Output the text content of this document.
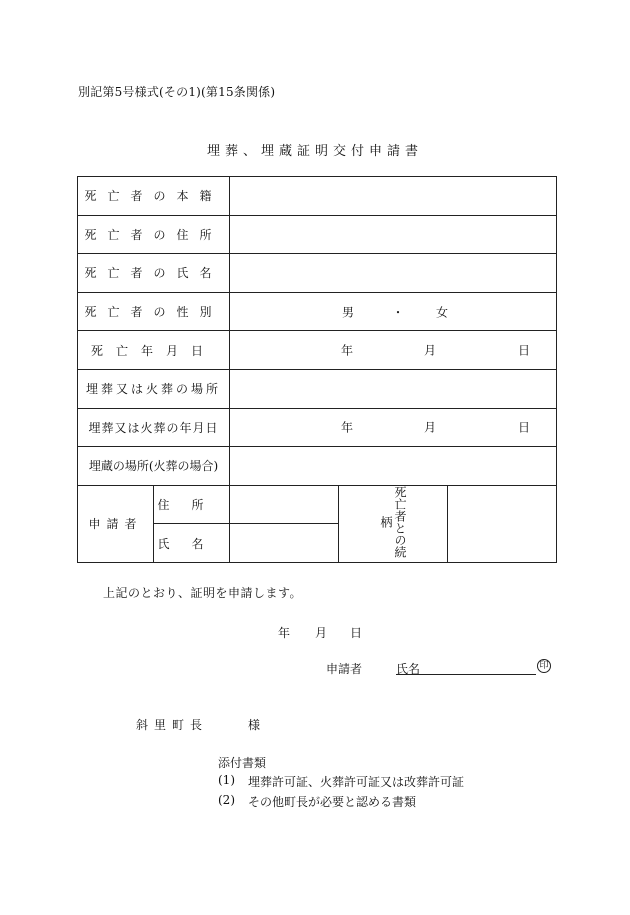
別記第5号様式(その1)(第15条関係)
埋葬、埋蔵証明交付申請書
死亡者の本籍				
死亡者の住所				
死亡者の氏名				
死亡者の性別		男 ・ 女		

死亡年月日		年 月 日		

埋葬又は火葬の場所				
埋葬又は火葬の年月日		年 月 日		

埋蔵の場所(火葬の場合)				
申請者	住所		死亡者との続柄	
	氏名			
上記のとおり、証明を申請します。
年 月 日
申請者	氏名	印
斜里町長	様
添付書類
(1) 埋葬許可証、火葬許可証又は改葬許可証
(2) その他町長が必要と認める書類
